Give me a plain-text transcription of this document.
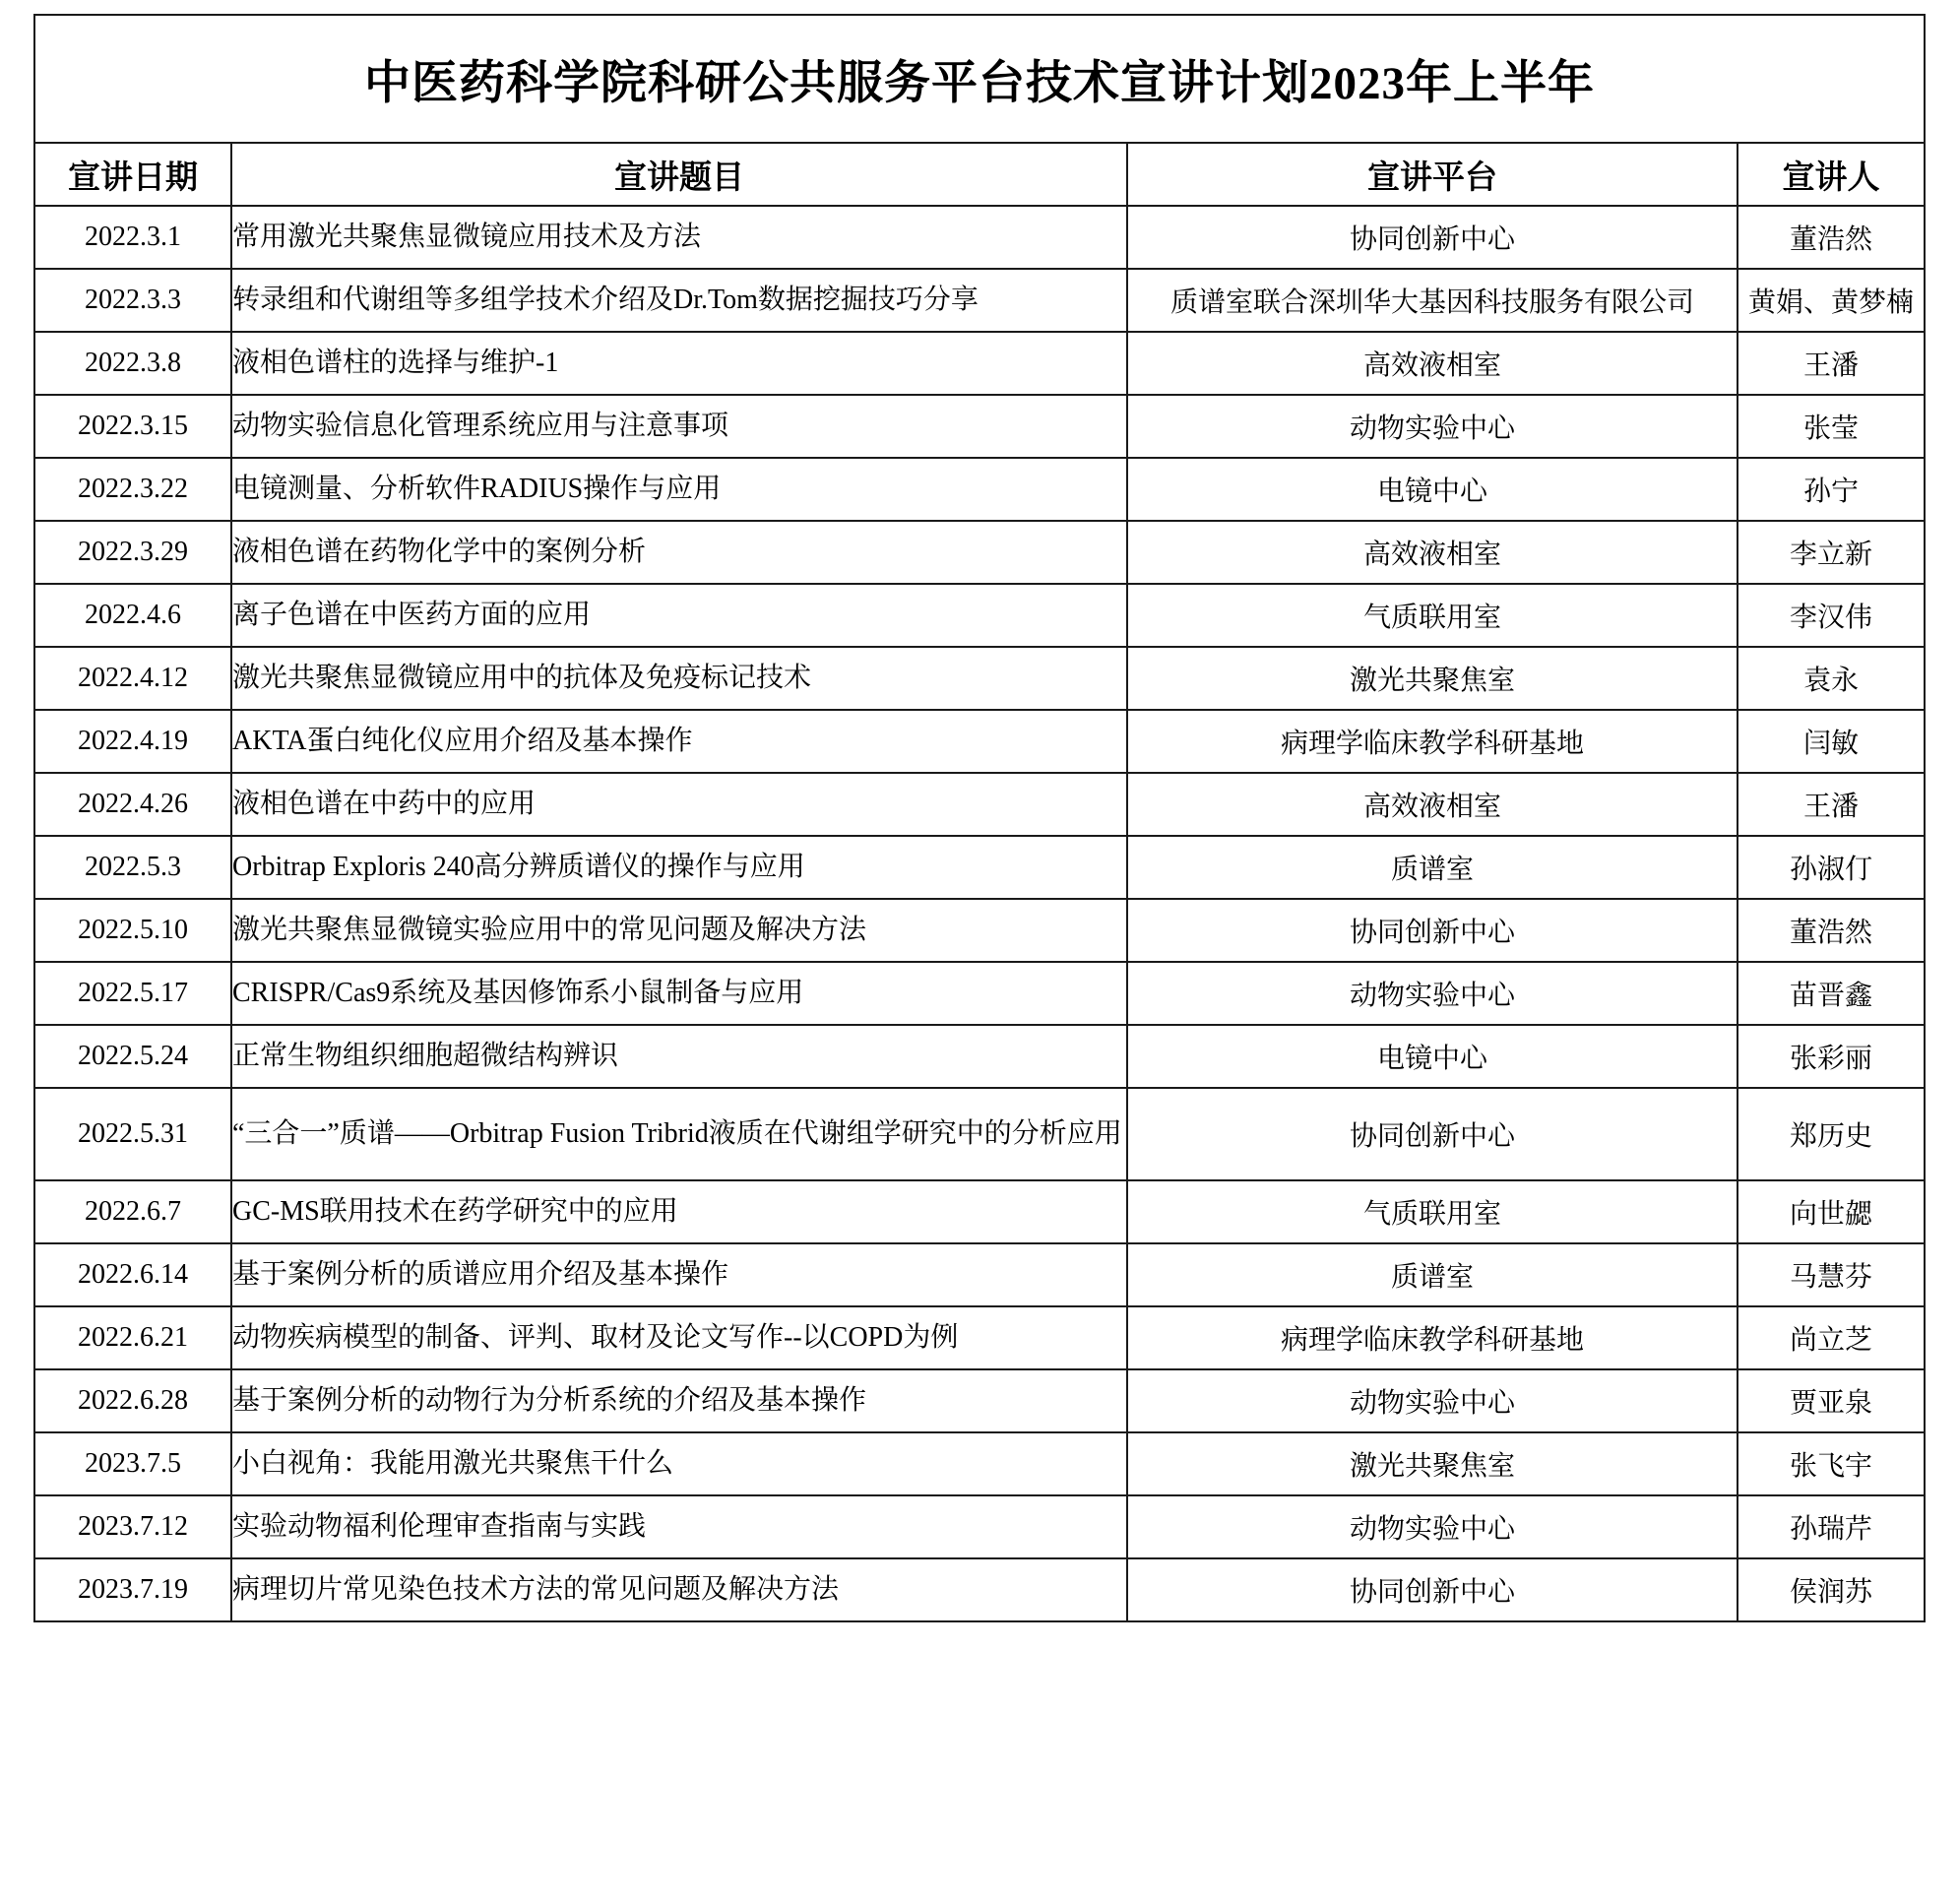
中医药科学院科研公共服务平台技术宣讲计划2023年上半年			
宣讲日期	宣讲题目	宣讲平台	宣讲人
2022.3.1	常用激光共聚焦显微镜应用技术及方法	协同创新中心	董浩然
2022.3.3	转录组和代谢组等多组学技术介绍及Dr.Tom数据挖掘技巧分享	质谱室联合深圳华大基因科技服务有限公司	黄娟、黄梦楠
2022.3.8	液相色谱柱的选择与维护-1	高效液相室	王潘
2022.3.15	动物实验信息化管理系统应用与注意事项	动物实验中心	张莹
2022.3.22	电镜测量、分析软件RADIUS操作与应用	电镜中心	孙宁
2022.3.29	液相色谱在药物化学中的案例分析	高效液相室	李立新
2022.4.6	离子色谱在中医药方面的应用	气质联用室	李汉伟
2022.4.12	激光共聚焦显微镜应用中的抗体及免疫标记技术	激光共聚焦室	袁永
2022.4.19	AKTA蛋白纯化仪应用介绍及基本操作	病理学临床教学科研基地	闫敏
2022.4.26	液相色谱在中药中的应用	高效液相室	王潘
2022.5.3	Orbitrap Exploris 240高分辨质谱仪的操作与应用	质谱室	孙淑仃
2022.5.10	激光共聚焦显微镜实验应用中的常见问题及解决方法	协同创新中心	董浩然
2022.5.17	CRISPR/Cas9系统及基因修饰系小鼠制备与应用	动物实验中心	苗晋鑫
2022.5.24	正常生物组织细胞超微结构辨识	电镜中心	张彩丽
2022.5.31	“三合一”质谱——Orbitrap Fusion Tribrid液质在代谢组学研究中的分析应用	协同创新中心	郑历史
2022.6.7	GC-MS联用技术在药学研究中的应用	气质联用室	向世勰
2022.6.14	基于案例分析的质谱应用介绍及基本操作	质谱室	马慧芬
2022.6.21	动物疾病模型的制备、评判、取材及论文写作--以COPD为例	病理学临床教学科研基地	尚立芝
2022.6.28	基于案例分析的动物行为分析系统的介绍及基本操作	动物实验中心	贾亚泉
2023.7.5	小白视角：我能用激光共聚焦干什么	激光共聚焦室	张飞宇
2023.7.12	实验动物福利伦理审查指南与实践	动物实验中心	孙瑞芹
2023.7.19	病理切片常见染色技术方法的常见问题及解决方法	协同创新中心	侯润苏
